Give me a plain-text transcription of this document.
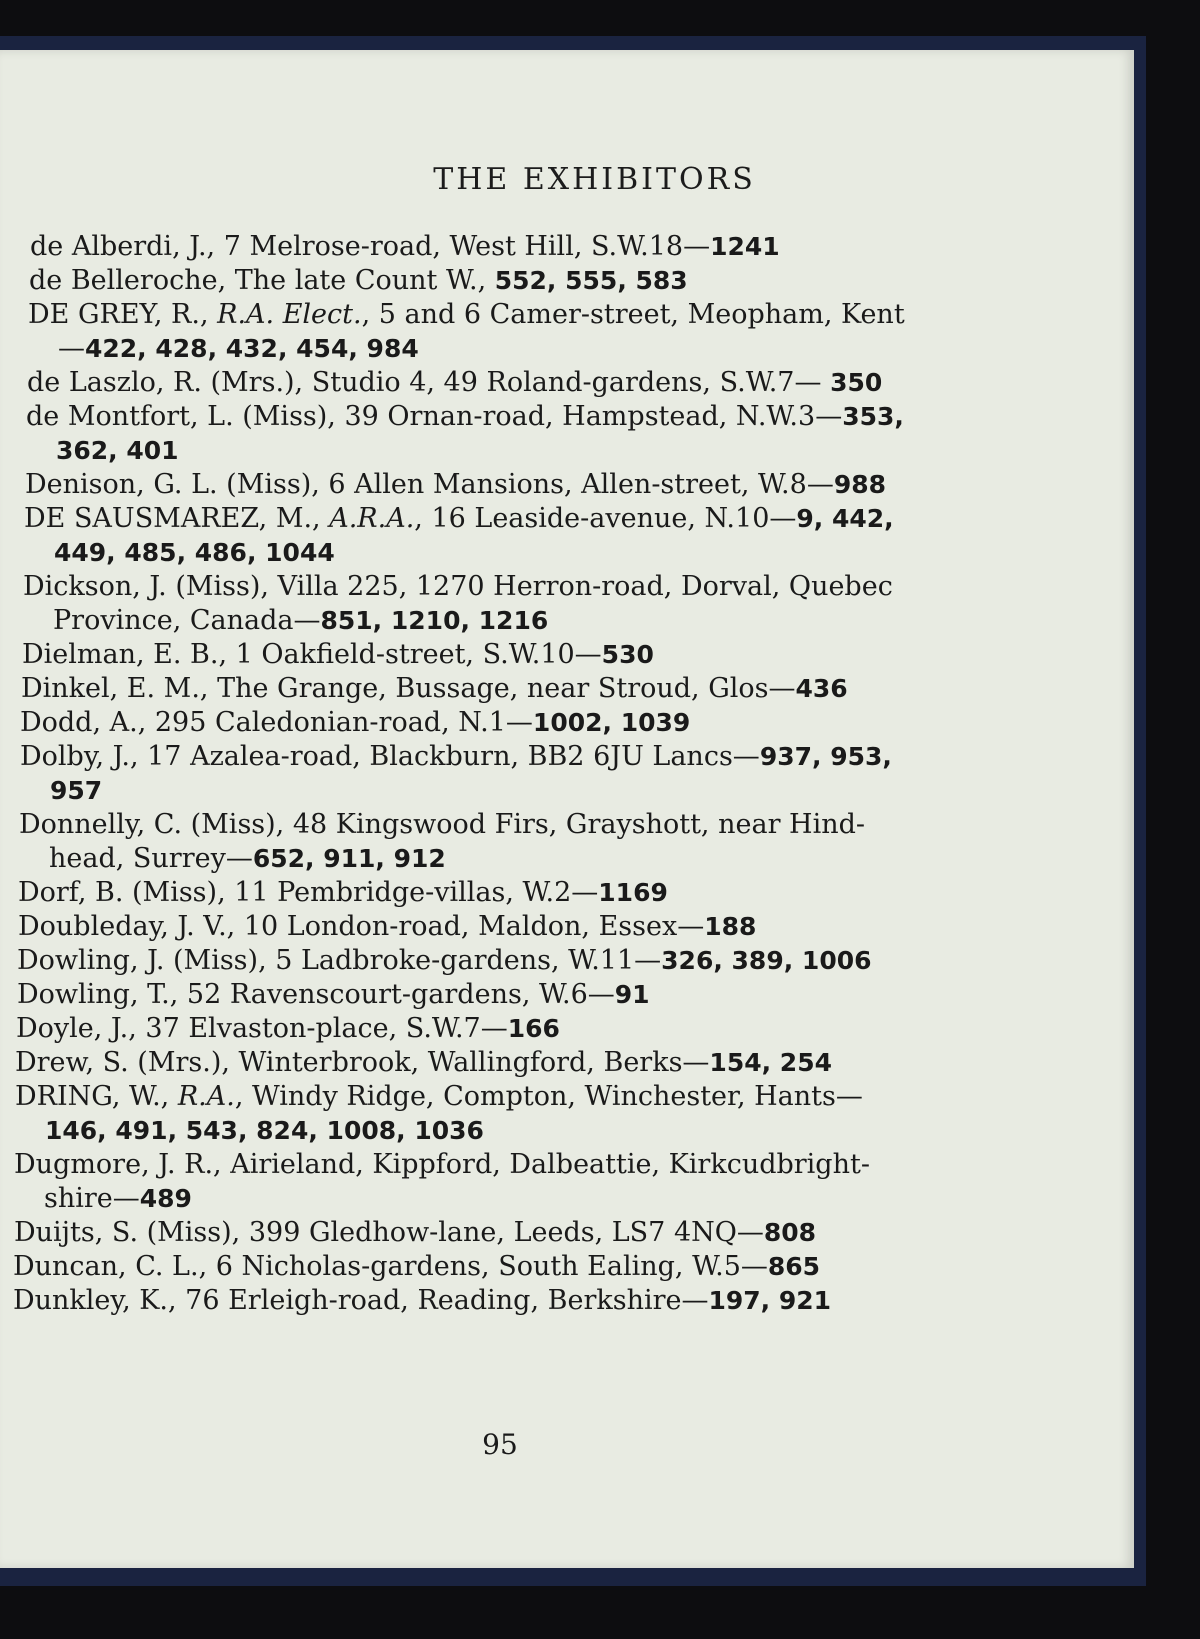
THE EXHIBITORS
de Alberdi, J., 7 Melrose-road, West Hill, S.W.18—1241
de Belleroche, The late Count W., 552, 555, 583
DE GREY, R., R.A. Elect., 5 and 6 Camer-street, Meopham, Kent
—422, 428, 432, 454, 984
de Laszlo, R. (Mrs.), Studio 4, 49 Roland-gardens, S.W.7— 350
de Montfort, L. (Miss), 39 Ornan-road, Hampstead, N.W.3—353,
362, 401
Denison, G. L. (Miss), 6 Allen Mansions, Allen-street, W.8—988
DE SAUSMAREZ, M., A.R.A., 16 Leaside-avenue, N.10—9, 442,
449, 485, 486, 1044
Dickson, J. (Miss), Villa 225, 1270 Herron-road, Dorval, Quebec
Province, Canada—851, 1210, 1216
Dielman, E. B., 1 Oakfield-street, S.W.10—530
Dinkel, E. M., The Grange, Bussage, near Stroud, Glos—436
Dodd, A., 295 Caledonian-road, N.1—1002, 1039
Dolby, J., 17 Azalea-road, Blackburn, BB2 6JU Lancs—937, 953,
957
Donnelly, C. (Miss), 48 Kingswood Firs, Grayshott, near Hind-
head, Surrey—652, 911, 912
Dorf, B. (Miss), 11 Pembridge-villas, W.2—1169
Doubleday, J. V., 10 London-road, Maldon, Essex—188
Dowling, J. (Miss), 5 Ladbroke-gardens, W.11—326, 389, 1006
Dowling, T., 52 Ravenscourt-gardens, W.6—91
Doyle, J., 37 Elvaston-place, S.W.7—166
Drew, S. (Mrs.), Winterbrook, Wallingford, Berks—154, 254
DRING, W., R.A., Windy Ridge, Compton, Winchester, Hants—
146, 491, 543, 824, 1008, 1036
Dugmore, J. R., Airieland, Kippford, Dalbeattie, Kirkcudbright-
shire—489
Duijts, S. (Miss), 399 Gledhow-lane, Leeds, LS7 4NQ—808
Duncan, C. L., 6 Nicholas-gardens, South Ealing, W.5—865
Dunkley, K., 76 Erleigh-road, Reading, Berkshire—197, 921
95
